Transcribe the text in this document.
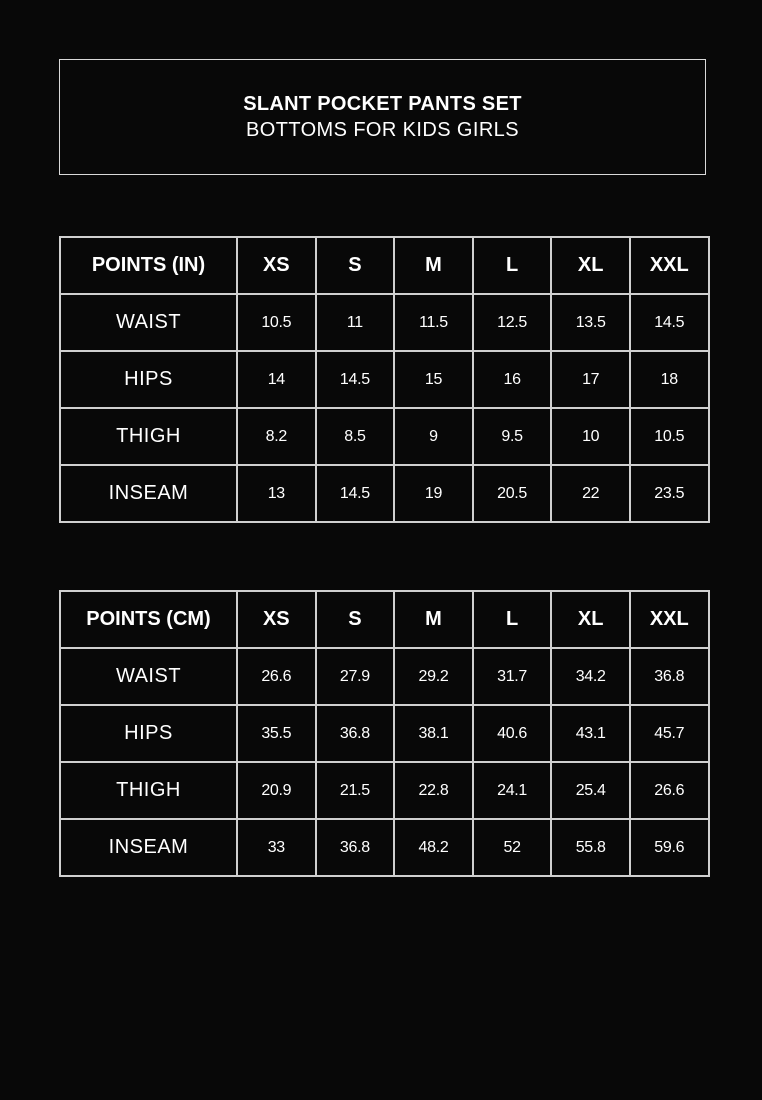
SLANT POCKET PANTS SET
BOTTOMS FOR KIDS GIRLS
POINTS (IN)	XS	S	M	L	XL	XXL
WAIST	10.5	11	11.5	12.5	13.5	14.5
HIPS	14	14.5	15	16	17	18
THIGH	8.2	8.5	9	9.5	10	10.5
INSEAM	13	14.5	19	20.5	22	23.5
POINTS (CM)	XS	S	M	L	XL	XXL
WAIST	26.6	27.9	29.2	31.7	34.2	36.8
HIPS	35.5	36.8	38.1	40.6	43.1	45.7
THIGH	20.9	21.5	22.8	24.1	25.4	26.6
INSEAM	33	36.8	48.2	52	55.8	59.6
